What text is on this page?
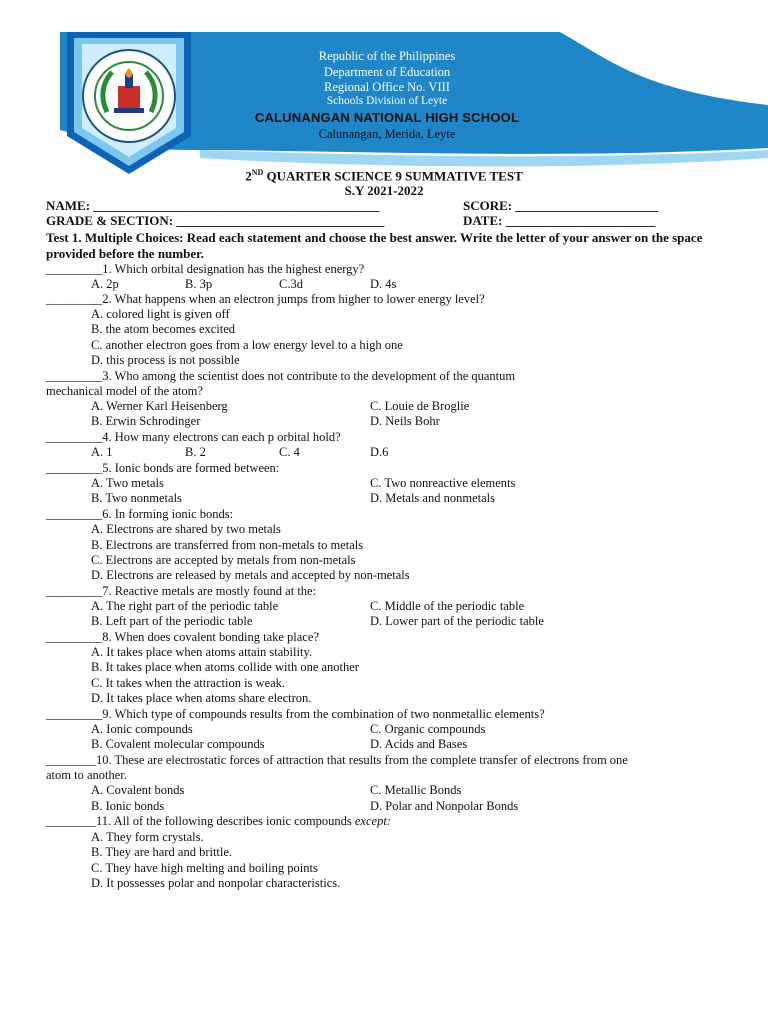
Republic of the Philippines
Department of Education
Regional Office No. VIII
Schools Division of Leyte
CALUNANGAN NATIONAL HIGH SCHOOL
Calunangan, Merida, Leyte
2ND QUARTER SCIENCE 9 SUMMATIVE TEST
S.Y 2021-2022
NAME: ____________________________________________	SCORE: ______________________
GRADE & SECTION: ________________________________	DATE: _______________________
Test 1. Multiple Choices: Read each statement and choose the best answer. Write the letter of your answer on the space provided before the number.
_________1. Which orbital designation has the highest energy?
A. 2p	B. 3p	C.3d	D. 4s
_________2. What happens when an electron jumps from higher to lower energy level?
A. colored light is given off
B. the atom becomes excited
C. another electron goes from a low energy level to a high one
D. this process is not possible
_________3. Who among the scientist does not contribute to the development of the quantum
mechanical model of the atom?
A. Werner Karl Heisenberg	C. Louie de Broglie
B. Erwin Schrodinger	D. Neils Bohr
_________4. How many electrons can each p orbital hold?
A. 1	B. 2	C. 4	D.6
_________5. Ionic bonds are formed between:
A. Two metals	C. Two nonreactive elements
B. Two nonmetals	D. Metals and nonmetals
_________6. In forming ionic bonds:
A. Electrons are shared by two metals
B. Electrons are transferred from non-metals to metals
C. Electrons are accepted by metals from non-metals
D. Electrons are released by metals and accepted by non-metals
_________7. Reactive metals are mostly found at the:
A. The right part of the periodic table	C. Middle of the periodic table
B. Left part of the periodic table	D. Lower part of the periodic table
_________8. When does covalent bonding take place?
A. It takes place when atoms attain stability.
B. It takes place when atoms collide with one another
C. It takes when the attraction is weak.
D. It takes place when atoms share electron.
_________9. Which type of compounds results from the combination of two nonmetallic elements?
A. Ionic compounds	C. Organic compounds
B. Covalent molecular compounds	D. Acids and Bases
________10. These are electrostatic forces of attraction that results from the complete transfer of electrons from one
atom to another.
A. Covalent bonds	C. Metallic Bonds
B. Ionic bonds	D. Polar and Nonpolar Bonds
________11. All of the following describes ionic compounds except:
A. They form crystals.
B. They are hard and brittle.
C. They have high melting and boiling points
D. It possesses polar and nonpolar characteristics.
